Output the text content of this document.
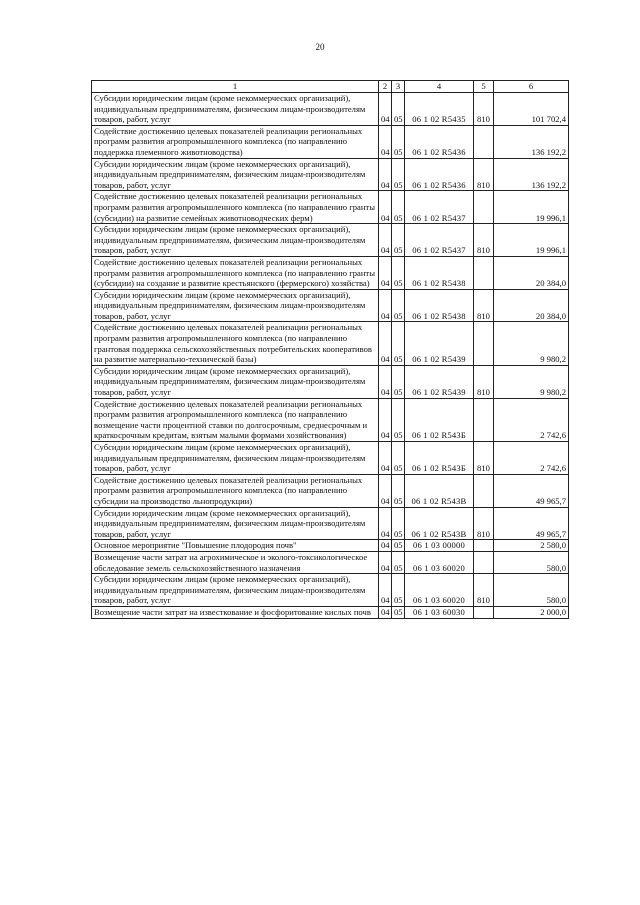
20
1	2	3	4	5	6
Субсидии юридическим лицам (кроме некоммерческих организаций), индивидуальным предпринимателям, физическим лицам-производителям товаров, работ, услуг	04	05	06 1 02 R5435	810	101 702,4
Содействие достижению целевых показателей реализации региональных программ развития агропромышленного комплекса (по направлению поддержка племенного животноводства)	04	05	06 1 02 R5436		136 192,2
Субсидии юридическим лицам (кроме некоммерческих организаций), индивидуальным предпринимателям, физическим лицам-производителям товаров, работ, услуг	04	05	06 1 02 R5436	810	136 192,2
Содействие достижению целевых показателей реализации региональных программ развития агропромышленного комплекса (по направлению гранты (субсидии) на развитие семейных животноводческих ферм)	04	05	06 1 02 R5437		19 996,1
Субсидии юридическим лицам (кроме некоммерческих организаций), индивидуальным предпринимателям, физическим лицам-производителям товаров, работ, услуг	04	05	06 1 02 R5437	810	19 996,1
Содействие достижению целевых показателей реализации региональных программ развития агропромышленного комплекса (по направлению гранты (субсидии) на создание и развитие крестьянского (фермерского) хозяйства)	04	05	06 1 02 R5438		20 384,0
Субсидии юридическим лицам (кроме некоммерческих организаций), индивидуальным предпринимателям, физическим лицам-производителям товаров, работ, услуг	04	05	06 1 02 R5438	810	20 384,0
Содействие достижению целевых показателей реализации региональных программ развития агропромышленного комплекса (по направлению грантовая поддержка сельскохозяйственных потребительских кооперативов на развитие материально-технической базы)	04	05	06 1 02 R5439		9 980,2
Субсидии юридическим лицам (кроме некоммерческих организаций), индивидуальным предпринимателям, физическим лицам-производителям товаров, работ, услуг	04	05	06 1 02 R5439	810	9 980,2
Содействие достижению целевых показателей реализации региональных программ развития агропромышленного комплекса (по направлению возмещение части процентной ставки по долгосрочным, среднесрочным и краткосрочным кредитам, взятым малыми формами хозяйствования)	04	05	06 1 02 R543Б		2 742,6
Субсидии юридическим лицам (кроме некоммерческих организаций), индивидуальным предпринимателям, физическим лицам-производителям товаров, работ, услуг	04	05	06 1 02 R543Б	810	2 742,6
Содействие достижению целевых показателей реализации региональных программ развития агропромышленного комплекса (по направлению субсидии на производство льнопродукции)	04	05	06 1 02 R543В		49 965,7
Субсидии юридическим лицам (кроме некоммерческих организаций), индивидуальным предпринимателям, физическим лицам-производителям товаров, работ, услуг	04	05	06 1 02 R543В	810	49 965,7
Основное мероприятие "Повышение плодородия почв"	04	05	06 1 03 00000		2 580,0
Возмещение части затрат на агрохимическое и эколого-токсикологическое обследование земель сельскохозяйственного назначения	04	05	06 1 03 60020		580,0
Субсидии юридическим лицам (кроме некоммерческих организаций), индивидуальным предпринимателям, физическим лицам-производителям товаров, работ, услуг	04	05	06 1 03 60020	810	580,0
Возмещение части затрат на известкование и фосфоритование кислых почв	04	05	06 1 03 60030		2 000,0
